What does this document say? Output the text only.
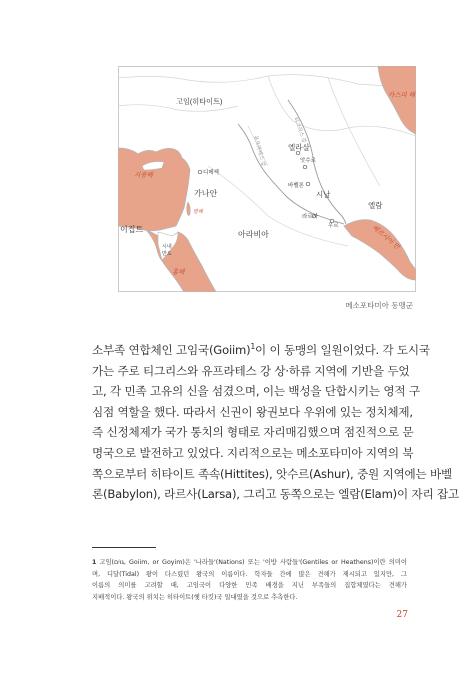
고임(히타이트)
카스피 해
티그리스 강
유프라테스 강	엘라살
앗수르
지중해	디메섹
가나안
바벨론
시날
엘람
염해
라르사
우르
이집트
아라비아	페르시아 만
시내
반도
홍해
메소포타미아 동맹군
소부족 연합체인 고임국(Goiim)$^1$이 이 동맹의 일원이었다. 각 도시국
가는 주로 티그리스와 유프라테스 강 상·하류 지역에 기반을 두었
고, 각 민족 고유의 신을 섬겼으며, 이는 백성을 단합시키는 영적 구
심점 역할을 했다. 따라서 신권이 왕권보다 우위에 있는 정치체제,
즉 신정체제가 국가 통치의 형태로 자리매김했으며 점진적으로 문
명국으로 발전하고 있었다. 지리적으로는 메소포타미아 지역의 북
쪽으로부터 히타이트 족속(Hittites), 앗수르(Ashur), 중원 지역에는 바벨
론(Babylon), 라르사(Larsa), 그리고 동쪽으로는 엘람(Elam)이 자리 잡고
1 고임(גּוֹיִם, Goiim, or Goyim)은 '나라들'(Nations) 또는 '이방 사람들'(Gentiles or Heathens)이란 의미이
며, 디달(Tidal) 왕이 다스렸던 왕국의 이름이다. 학자들 간에 많은 견해가 제시되고 있지만, 그
이름의 의미를 고려할 때, 고임국이 다양한 민족 배경을 지닌 부족들의 집합체였다는 견해가
지배적이다. 왕국의 위치는 히타이트(헷 타킷)국 일대였을 것으로 추측한다.
27
